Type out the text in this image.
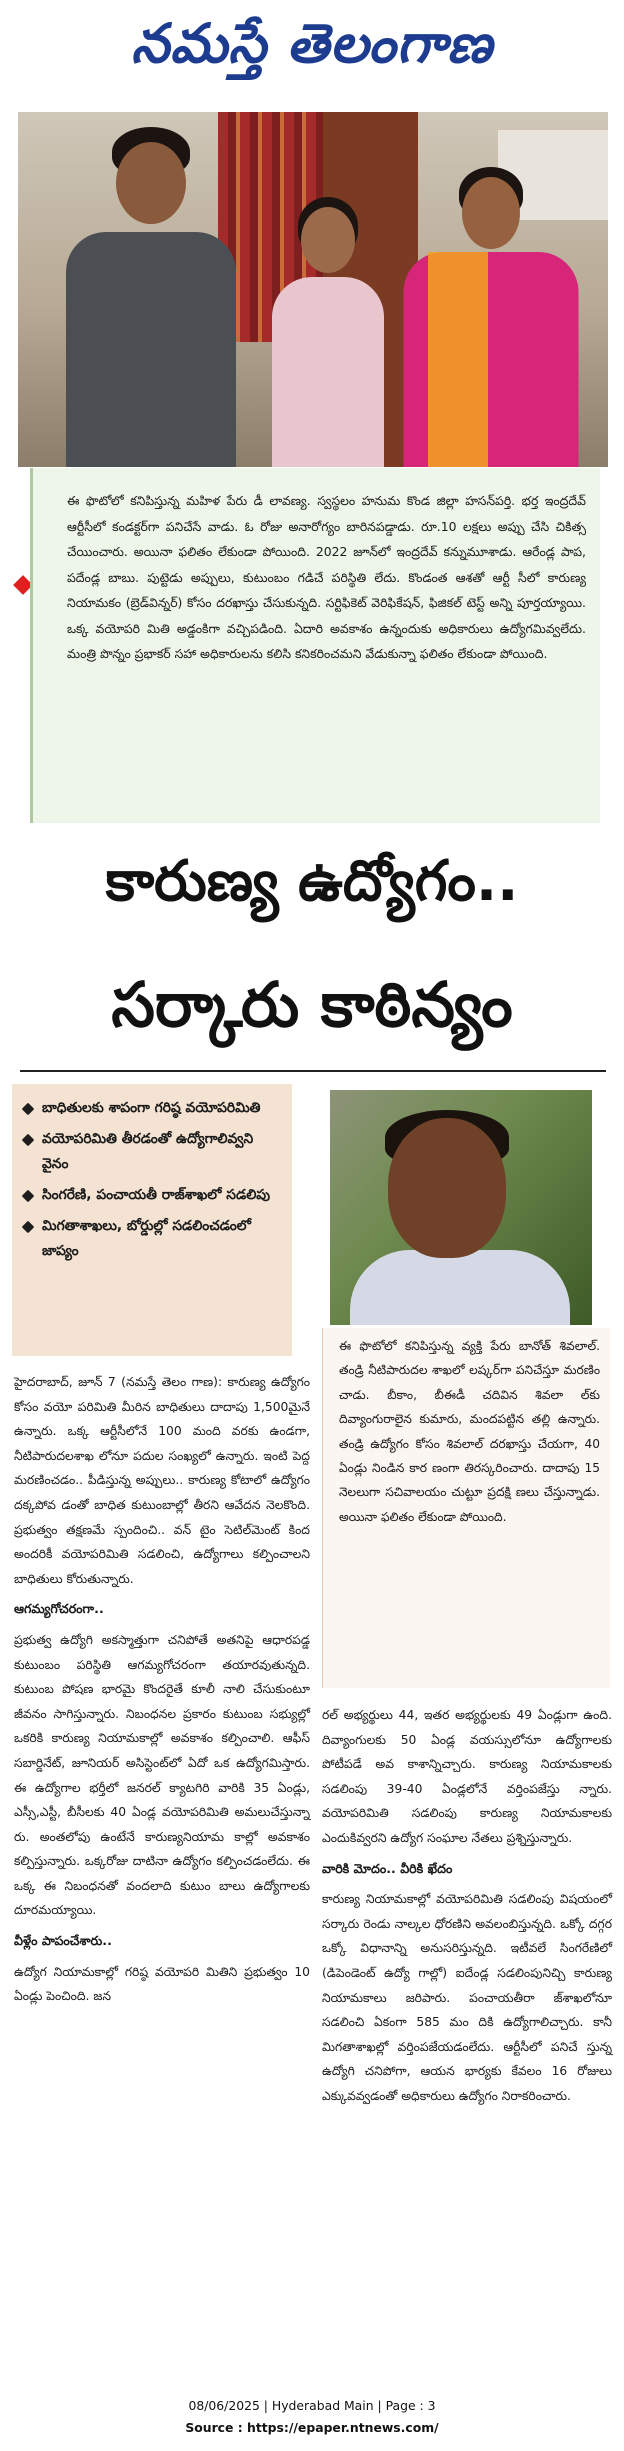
నమస్తే తెలంగాణ
ఈ ఫొటోలో కనిపిస్తున్న మహిళ పేరు డీ లావణ్య. స్వస్థలం హనుమ కొండ జిల్లా హసన్‌పర్తి. భర్త ఇంద్రదేవ్ ఆర్టీసీలో కండక్టర్‌గా పనిచేసే వాడు. ఓ రోజు అనారోగ్యం బారినపడ్డాడు. రూ.10 లక్షలు అప్పు చేసి చికిత్స చేయించారు. అయినా ఫలితం లేకుండా పోయింది. 2022 జూన్‌లో ఇంద్రదేవ్ కన్నుమూశాడు. ఆరేండ్ల పాప, పదేండ్ల బాబు. పుట్టెడు అప్పులు, కుటుంబం గడిచే పరిస్థితి లేదు. కొండంత ఆశతో ఆర్టీ సీలో కారుణ్య నియామకం (బ్రెడ్‌విన్నర్) కోసం దరఖాస్తు చేసుకున్నది. సర్టిఫికెట్ వెరిఫికేషన్, ఫిజికల్ టెస్ట్ అన్ని పూర్తయ్యాయి. ఒక్క వయోపరి మితి అడ్డంకిగా వచ్చిపడింది. ఏదారి అవకాశం ఉన్నందుకు అధికారులు ఉద్యోగమివ్వలేదు. మంత్రి పొన్నం ప్రభాకర్ సహా అధికారులను కలిసి కనికరించమని వేడుకున్నా ఫలితం లేకుండా పోయింది.
కారుణ్య ఉద్యోగం..
సర్కారు కాఠిన్యం
బాధితులకు శాపంగా గరిష్ఠ వయోపరిమితి
వయోపరిమితి తీరడంతో ఉద్యోగాలివ్వని వైనం
సింగరేణి, పంచాయతీ రాజ్‌శాఖలో సడలిపు
మిగతాశాఖలు, బోర్డుల్లో సడలించడంలో జాప్యం
ఈ ఫొటోలో కనిపిస్తున్న వ్యక్తి పేరు బానోత్ శివలాల్. తండ్రి నీటిపారుదల శాఖలో లష్కర్‌గా పనిచేస్తూ మరణిం చాడు. బీకాం, బీఈడీ చదివిన శివలా ల్‌కు దివ్యాంగురాలైన కుమారు, మందపట్టిన తల్లి ఉన్నారు. తండ్రి ఉద్యోగం కోసం శివలాల్ దరఖాస్తు చేయగా, 40 ఏండ్లు నిండిన కార ణంగా తిరస్కరించారు. దాదాపు 15 నెలలుగా సచివాలయం చుట్టూ ప్రదక్షి ణలు చేస్తున్నాడు. అయినా ఫలితం లేకుండా పోయింది.

హైదరాబాద్, జూన్ 7 (నమస్తే తెలం గాణ): కారుణ్య ఉద్యోగం కోసం వయో పరిమితి మీరిన బాధితులు దాదాపు 1,500మైనే ఉన్నారు. ఒక్క ఆర్టీసీలోనే 100 మంది వరకు ఉండగా, నీటిపారుదలశాఖ లోనూ పదుల సంఖ్యలో ఉన్నారు. ఇంటి పెద్ద మరణించడం.. పీడిస్తున్న అప్పులు.. కారుణ్య కోటాలో ఉద్యోగం దక్కపోవ డంతో బాధిత కుటుంబాల్లో తీరని ఆవేదన నెలకొంది. ప్రభుత్వం తక్షణమే స్పందించి.. వన్ టైం సెటిల్‌మెంట్ కింద అందరికీ వయోపరిమితి సడలించి, ఉద్యోగాలు కల్పించాలని బాధితులు కోరుతున్నారు.

ఆగమ్యగోచరంగా..

ప్రభుత్వ ఉద్యోగి అకస్మాత్తుగా చనిపోతే అతనిపై ఆధారపడ్డ కుటుంబం పరిస్థితి ఆగమ్యగోచరంగా తయారవుతున్నది. కుటుంబ పోషణ భారమై కొందరైతే కూలీ నాలి చేసుకుంటూ జీవనం సాగిస్తున్నారు. నిబంధనల ప్రకారం కుటుంబ సభ్యుల్లో ఒకరికి కారుణ్య నియామకాల్లో అవకాశం కల్పించాలి. ఆఫీస్ సబార్డినేట్, జూనియర్ అసిస్టెంట్‌లో ఏదో ఒక ఉద్యోగమిస్తారు. ఈ ఉద్యోగాల భర్తీలో జనరల్ క్యాటగిరి వారికి 35 ఏండ్లు, ఎస్సీ,ఎస్టీ, బీసీలకు 40 ఏండ్ల వయోపరిమితి అమలుచేస్తున్నా రు. అంతలోపు ఉంటేనే కారుణ్యనియామ కాల్లో అవకాశం కల్పిస్తున్నారు. ఒక్కరోజు దాటినా ఉద్యోగం కల్పించడంలేదు. ఈ ఒక్క ఈ నిబంధనతో వందలాది కుటుం బాలు ఉద్యోగాలకు దూరమయ్యాయి.

వీళ్లేం పాపంచేశారు..

ఉద్యోగ నియామకాల్లో గరిష్ఠ వయోపరి మితిని ప్రభుత్వం 10 ఏండ్లు పెంచింది. జన

రల్ అభ్యర్థులు 44, ఇతర అభ్యర్థులకు 49 ఏండ్లుగా ఉంది. దివ్యాంగులకు 50 ఏండ్ల వయస్సులోనూ ఉద్యోగాలకు పోటీపడే అవ కాశాన్నిచ్చారు. కారుణ్య నియామకాలకు సడలింపు 39-40 ఏండ్లలోనే వర్తింపజేస్తు న్నారు. వయోపరిమితి సడలింపు కారుణ్య నియామకాలకు ఎందుకివ్వరని ఉద్యోగ సంఘాల నేతలు ప్రశ్నిస్తున్నారు.

వారికి మోదం.. వీరికి ఖేదం

కారుణ్య నియామకాల్లో వయోపరిమితి సడలింపు విషయంలో సర్కారు రెండు నాల్కల ధోరణిని అవలంబిస్తున్నది. ఒక్కో దగ్గర ఒక్కో విధానాన్ని అనుసరిస్తున్నది. ఇటీవలే సింగరేణిలో (డిపెండెంట్ ఉద్యో గాల్లో) ఐదేండ్ల సడలింపునిచ్చి కారుణ్య నియామకాలు జరిపారు. పంచాయతీరా జ్‌శాఖలోనూ సడలించి ఏకంగా 585 మం దికి ఉద్యోగాలిచ్చారు. కానీ మిగతాశాఖల్లో వర్తింపజేయడంలేదు. ఆర్టీసీలో పనిచే స్తున్న ఉద్యోగి చనిపోగా, ఆయన భార్యకు కేవలం 16 రోజులు ఎక్కువవ్వడంతో అధికారులు ఉద్యోగం నిరాకరించారు.

08/06/2025 | Hyderabad Main | Page : 3
Source : https://epaper.ntnews.com/
